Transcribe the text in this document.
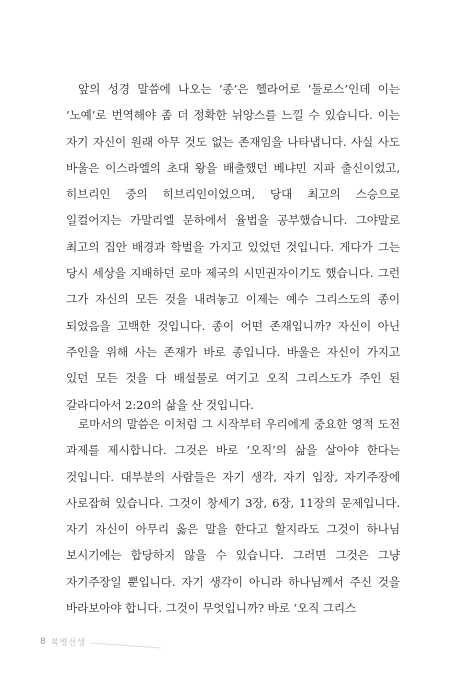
앞의 성경 말씀에 나오는 ‘종’은 헬라어로 ‘둘로스’인데 이는 ‘노예’로 번역해야 좀 더 정확한 뉘앙스를 느낄 수 있습니다. 이는 자기 자신이 원래 아무 것도 없는 존재임을 나타냅니다. 사실 사도 바울은 이스라엘의 초대 왕을 배출했던 베냐민 지파 출신이었고, 히브리인 중의 히브리인이었으며, 당대 최고의 스승으로 일컬어지는 가말리엘 문하에서 율법을 공부했습니다. 그야말로 최고의 집안 배경과 학벌을 가지고 있었던 것입니다. 게다가 그는 당시 세상을 지배하던 로마 제국의 시민권자이기도 했습니다. 그런 그가 자신의 모든 것을 내려놓고 이제는 예수 그리스도의 종이 되었음을 고백한 것입니다. 종이 어떤 존재입니까? 자신이 아닌 주인을 위해 사는 존재가 바로 종입니다. 바울은 자신이 가지고 있던 모든 것을 다 배설물로 여기고 오직 그리스도가 주인 된 갈라디아서 2:20의 삶을 산 것입니다.

로마서의 말씀은 이처럼 그 시작부터 우리에게 중요한 영적 도전 과제를 제시합니다. 그것은 바로 ‘오직’의 삶을 살아야 한다는 것입니다. 대부분의 사람들은 자기 생각, 자기 입장, 자기주장에 사로잡혀 있습니다. 그것이 창세기 3장, 6장, 11장의 문제입니다. 자기 자신이 아무리 옳은 말을 한다고 할지라도 그것이 하나님 보시기에는 합당하지 않을 수 있습니다. 그러면 그것은 그냥 자기주장일 뿐입니다. 자기 생각이 아니라 하나님께서 주신 것을 바라보아야 합니다. 그것이 무엇입니까? 바로 ‘오직 그리스

8 복병선생
